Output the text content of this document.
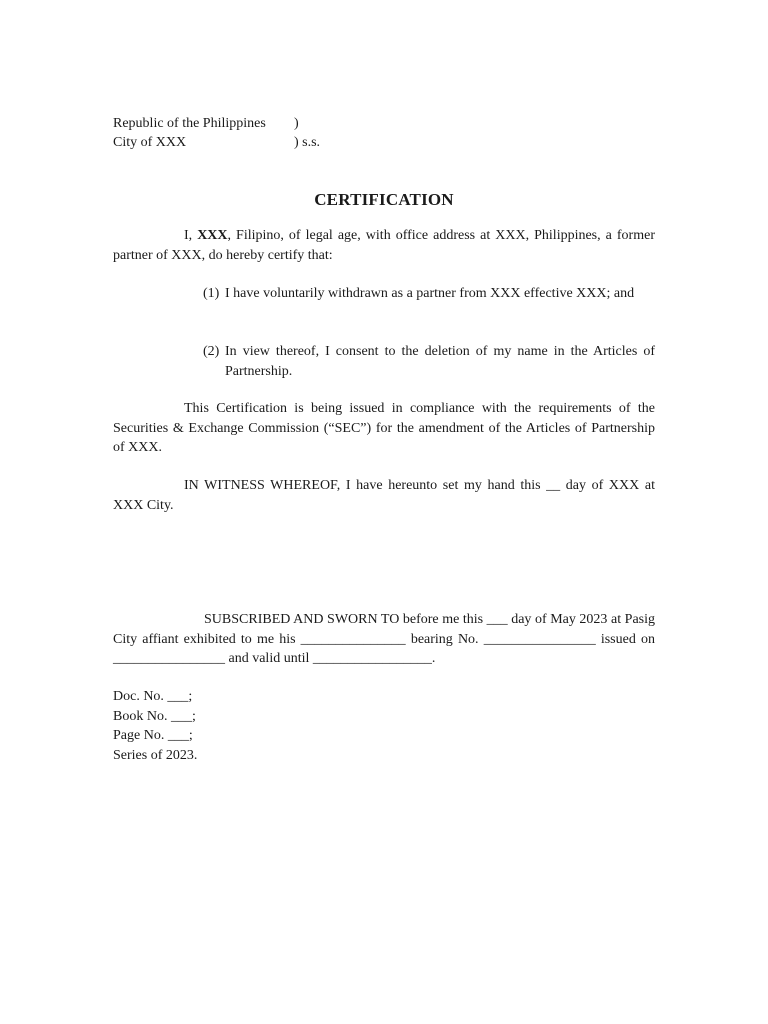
Republic of the Philippines )
City of XXX	) s.s.
CERTIFICATION
I, XXX, Filipino, of legal age, with office address at XXX, Philippines, a former partner of XXX, do hereby certify that:
(1) I have voluntarily withdrawn as a partner from XXX effective XXX; and
(2) In view thereof, I consent to the deletion of my name in the Articles of Partnership.
This Certification is being issued in compliance with the requirements of the Securities & Exchange Commission (“SEC”) for the amendment of the Articles of Partnership of XXX.
IN WITNESS WHEREOF, I have hereunto set my hand this __ day of XXX at XXX City.
SUBSCRIBED AND SWORN TO before me this ___ day of May 2023 at Pasig City affiant exhibited to me his _______________ bearing No. ________________ issued on ________________ and valid until _________________.
Doc. No. ___;
Book No. ___;
Page No. ___;
Series of 2023.
